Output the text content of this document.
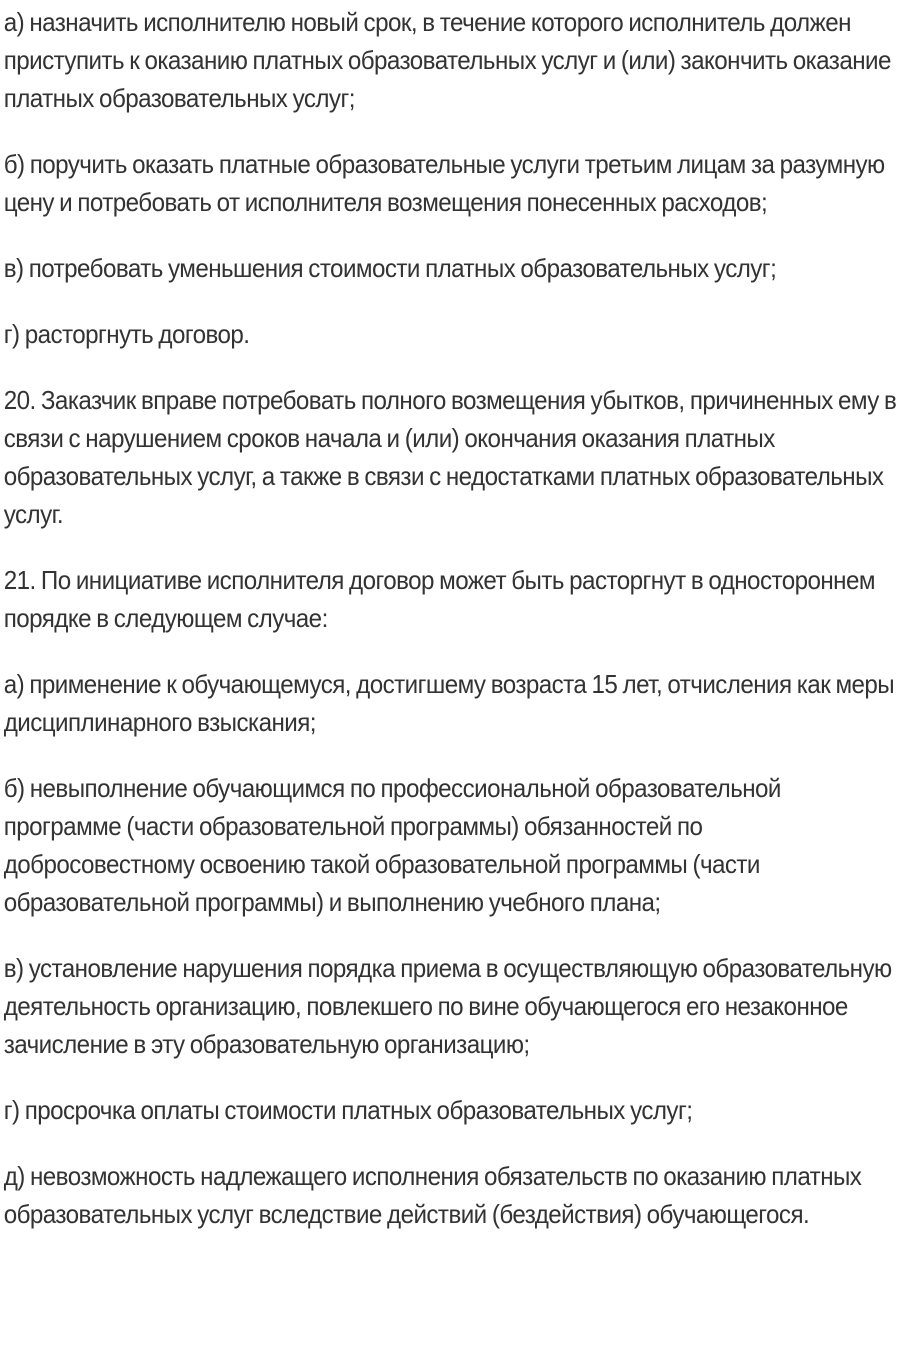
а) назначить исполнителю новый срок, в течение которого исполнитель должен приступить к оказанию платных образовательных услуг и (или) закончить оказание платных образовательных услуг;

б) поручить оказать платные образовательные услуги третьим лицам за разумную цену и потребовать от исполнителя возмещения понесенных расходов;

в) потребовать уменьшения стоимости платных образовательных услуг;

г) расторгнуть договор.

20. Заказчик вправе потребовать полного возмещения убытков, причиненных ему в связи с нарушением сроков начала и (или) окончания оказания платных образовательных услуг, а также в связи с недостатками платных образовательных услуг.

21. По инициативе исполнителя договор может быть расторгнут в одностороннем порядке в следующем случае:

а) применение к обучающемуся, достигшему возраста 15 лет, отчисления как меры дисциплинарного взыскания;

б) невыполнение обучающимся по профессиональной образовательной программе (части образовательной программы) обязанностей по добросовестному освоению такой образовательной программы (части образовательной программы) и выполнению учебного плана;

в) установление нарушения порядка приема в осуществляющую образовательную деятельность организацию, повлекшего по вине обучающегося его незаконное зачисление в эту образовательную организацию;

г) просрочка оплаты стоимости платных образовательных услуг;

д) невозможность надлежащего исполнения обязательств по оказанию платных образовательных услуг вследствие действий (бездействия) обучающегося.
